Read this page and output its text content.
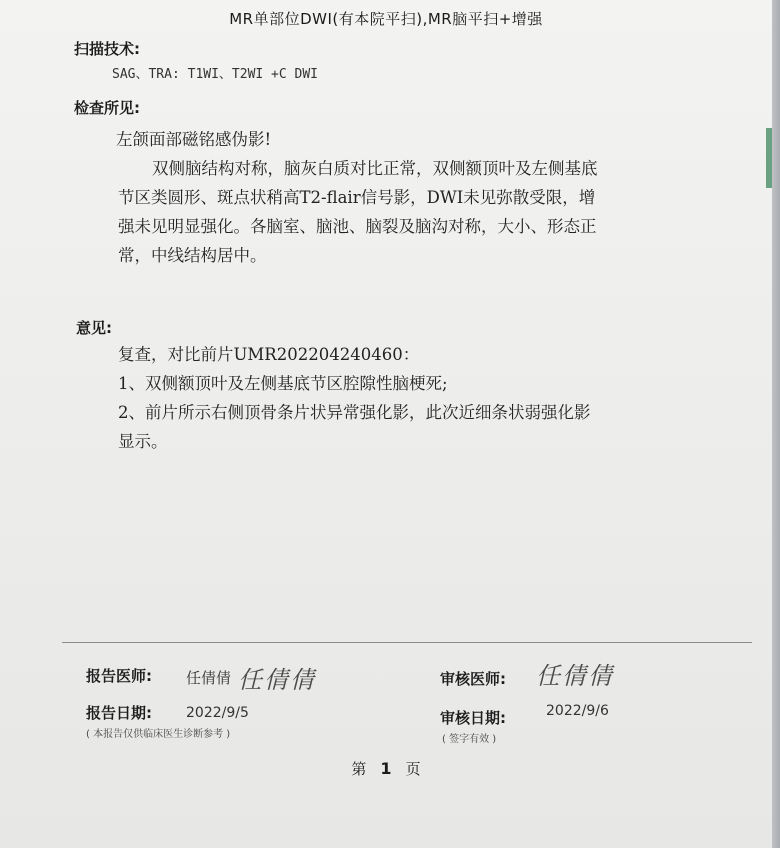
MR单部位DWI(有本院平扫),MR脑平扫+增强
扫描技术:
SAG、TRA: T1WI、T2WI +C DWI
检查所见:
左颌面部磁铭感伪影!
双侧脑结构对称，脑灰白质对比正常，双侧额顶叶及左侧基底
节区类圆形、斑点状稍高T2-flair信号影，DWI未见弥散受限，增
强未见明显强化。各脑室、脑池、脑裂及脑沟对称，大小、形态正
常，中线结构居中。
意见:
复查，对比前片UMR202204240460：
1、双侧额顶叶及左侧基底节区腔隙性脑梗死;
2、前片所示右侧顶骨条片状异常强化影，此次近细条状弱强化影
显示。
报告医师: 任倩倩 任倩倩	审核医师: 任倩倩
报告日期: 2022/9/5
( 本报告仅供临床医生诊断参考 )
审核日期:	2022/9/6
( 签字有效 )
第 1 页
